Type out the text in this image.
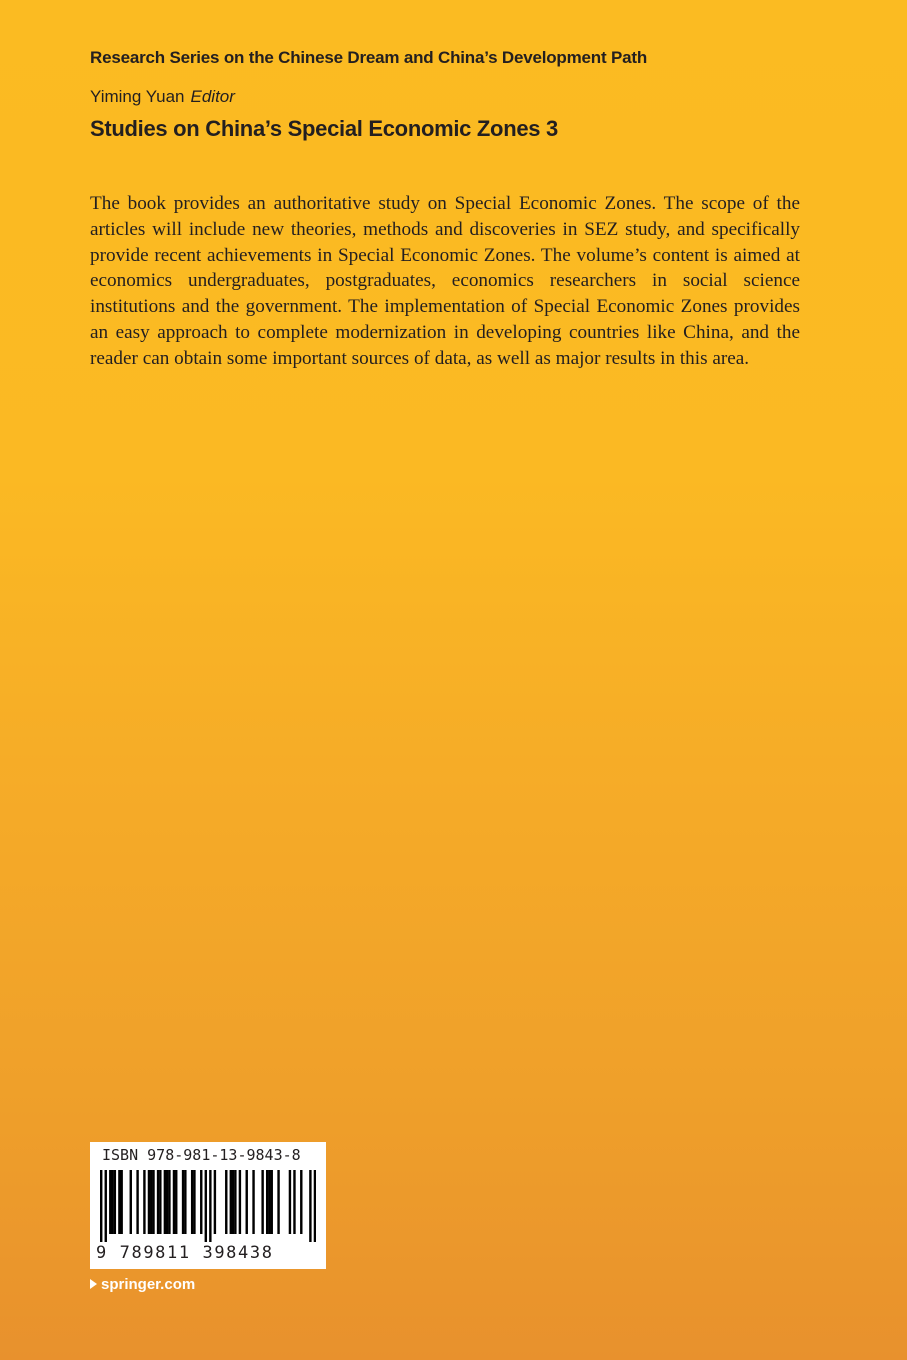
Research Series on the Chinese Dream and China’s Development Path
Yiming Yuan Editor
Studies on China’s Special Economic Zones 3

The book provides an authoritative study on Special Economic Zones. The scope of the articles will include new theories, methods and discoveries in SEZ study, and specifically provide recent achievements in Special Economic Zones. The volume’s content is aimed at economics undergraduates, postgraduates, economics researchers in social science institutions and the government. The implementation of Special Economic Zones provides an easy approach to complete modernization in developing countries like China, and the reader can obtain some important sources of data, as well as major results in this area.

ISBN 978-981-13-9843-8
9 789811 398438
springer.com
